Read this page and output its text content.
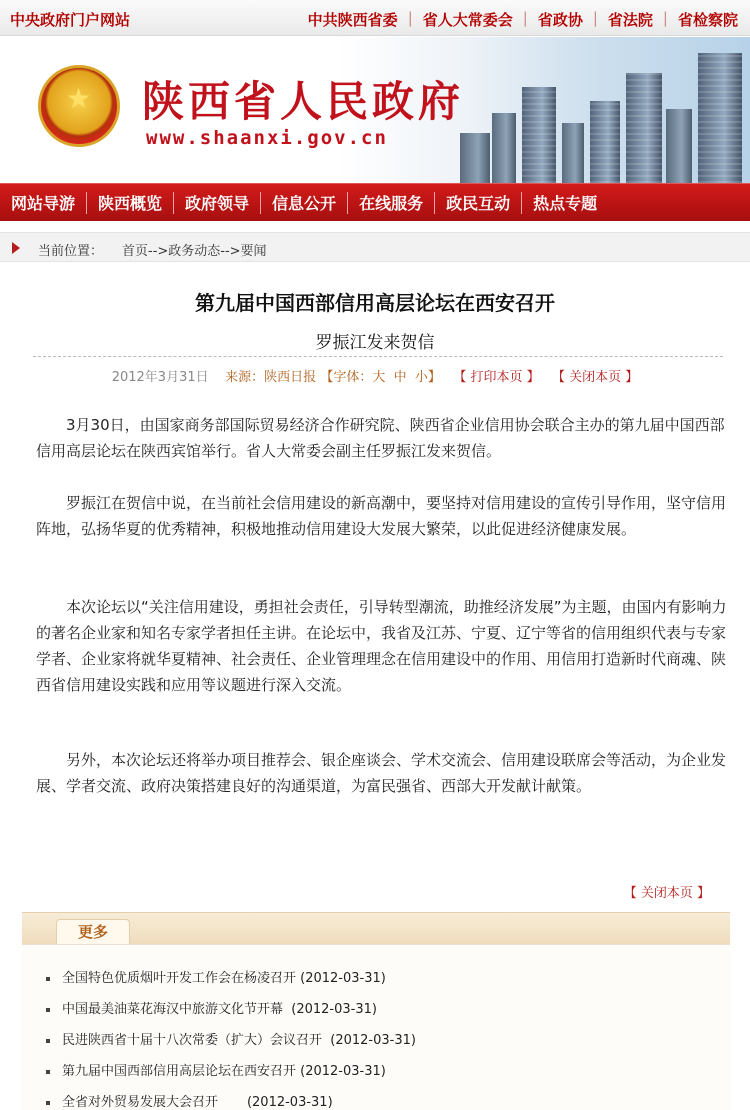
中央政府门户网站	中共陕西省委 | 省人大常委会 | 省政协 | 省法院 | 省检察院
★ 陕西省人民政府
www.shaanxi.gov.cn
网站导游	陕西概览	政府领导	信息公开	在线服务	政民互动	热点专题
当前位置： 首页-->政务动态-->要闻
第九届中国西部信用高层论坛在西安召开
罗振江发来贺信
2012年3月31日 来源：陕西日报 【字体：大 中 小】 【 打印本页 】 【 关闭本页 】
3月30日，由国家商务部国际贸易经济合作研究院、陕西省企业信用协会联合主办的第九届中国西部信用高层论坛在陕西宾馆举行。省人大常委会副主任罗振江发来贺信。
罗振江在贺信中说，在当前社会信用建设的新高潮中，要坚持对信用建设的宣传引导作用，坚守信用阵地，弘扬华夏的优秀精神，积极地推动信用建设大发展大繁荣，以此促进经济健康发展。
本次论坛以“关注信用建设，勇担社会责任，引导转型潮流，助推经济发展”为主题，由国内有影响力的著名企业家和知名专家学者担任主讲。在论坛中，我省及江苏、宁夏、辽宁等省的信用组织代表与专家学者、企业家将就华夏精神、社会责任、企业管理理念在信用建设中的作用、用信用打造新时代商魂、陕西省信用建设实践和应用等议题进行深入交流。
另外，本次论坛还将举办项目推荐会、银企座谈会、学术交流会、信用建设联席会等活动，为企业发展、学者交流、政府决策搭建良好的沟通渠道，为富民强省、西部大开发献计献策。
【 关闭本页 】
更多
全国特色优质烟叶开发工作会在杨凌召开 (2012-03-31)
中国最美油菜花海汉中旅游文化节开幕 (2012-03-31)
民进陕西省十届十八次常委（扩大）会议召开 (2012-03-31)
第九届中国西部信用高层论坛在西安召开 (2012-03-31)
全省对外贸易发展大会召开 (2012-03-31)
